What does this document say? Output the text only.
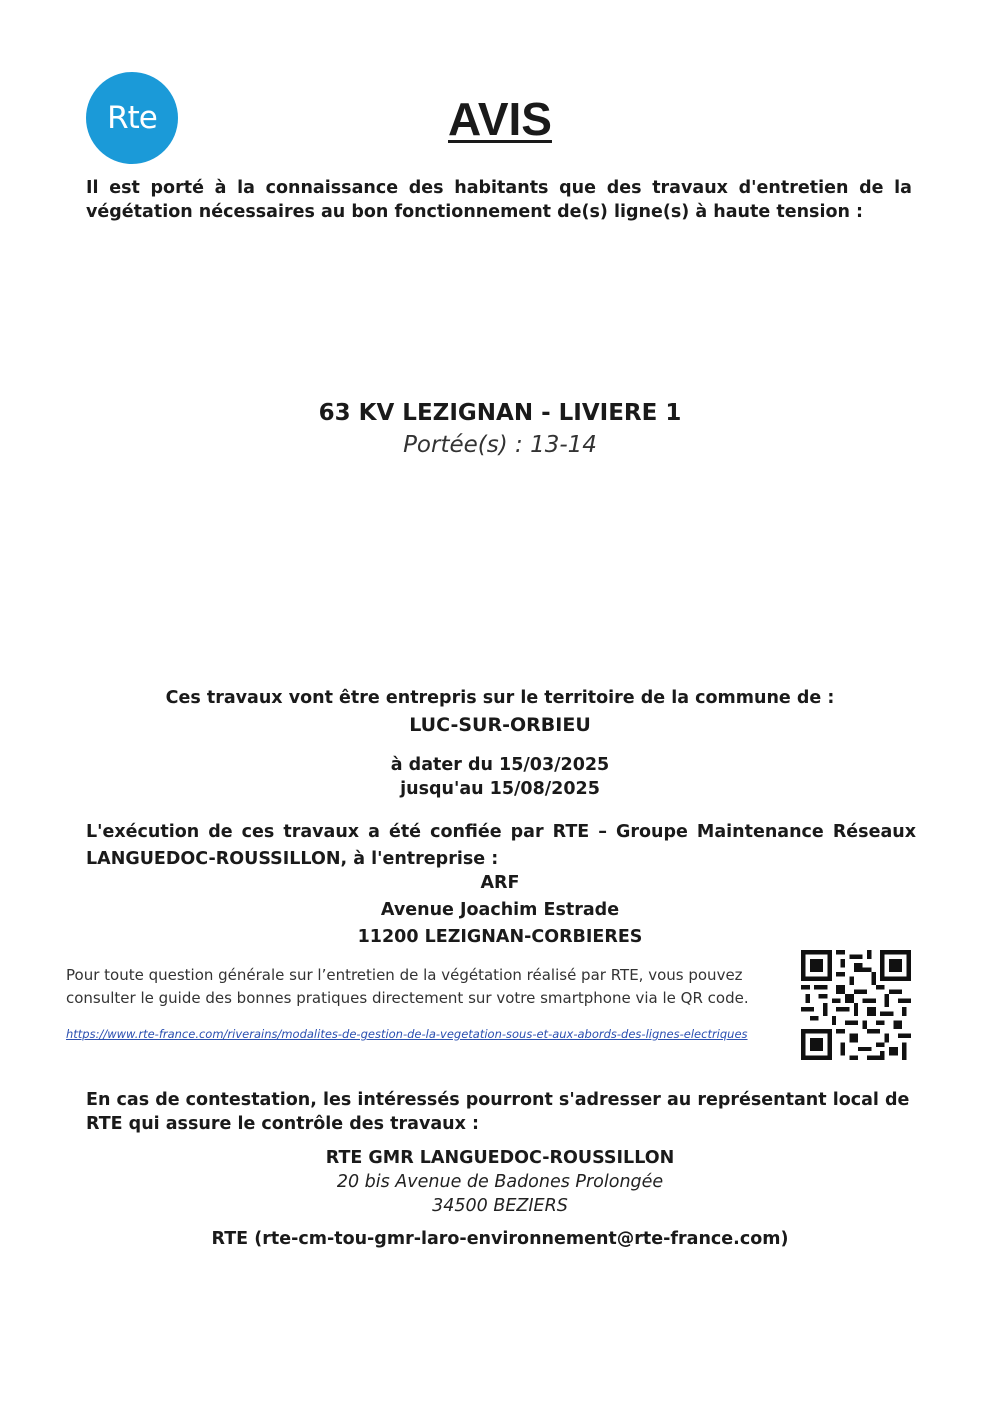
Rte	AVIS
Il est porté à la connaissance des habitants que des travaux d'entretien de la végétation nécessaires au bon fonctionnement de(s) ligne(s) à haute tension :
63 KV LEZIGNAN - LIVIERE 1
Portée(s) : 13-14
Ces travaux vont être entrepris sur le territoire de la commune de :
LUC-SUR-ORBIEU
à dater du 15/03/2025
jusqu'au 15/08/2025
L'exécution de ces travaux a été confiée par RTE – Groupe Maintenance Réseaux LANGUEDOC-ROUSSILLON, à l'entreprise :
ARF
Avenue Joachim Estrade
11200 LEZIGNAN-CORBIERES
Pour toute question générale sur l’entretien de la végétation réalisé par RTE, vous pouvez consulter le guide des bonnes pratiques directement sur votre smartphone via le QR code.
https://www.rte-france.com/riverains/modalites-de-gestion-de-la-vegetation-sous-et-aux-abords-des-lignes-electriques
En cas de contestation, les intéressés pourront s'adresser au représentant local de RTE qui assure le contrôle des travaux :
RTE GMR LANGUEDOC-ROUSSILLON
20 bis Avenue de Badones Prolongée
34500 BEZIERS
RTE (rte-cm-tou-gmr-laro-environnement@rte-france.com)
